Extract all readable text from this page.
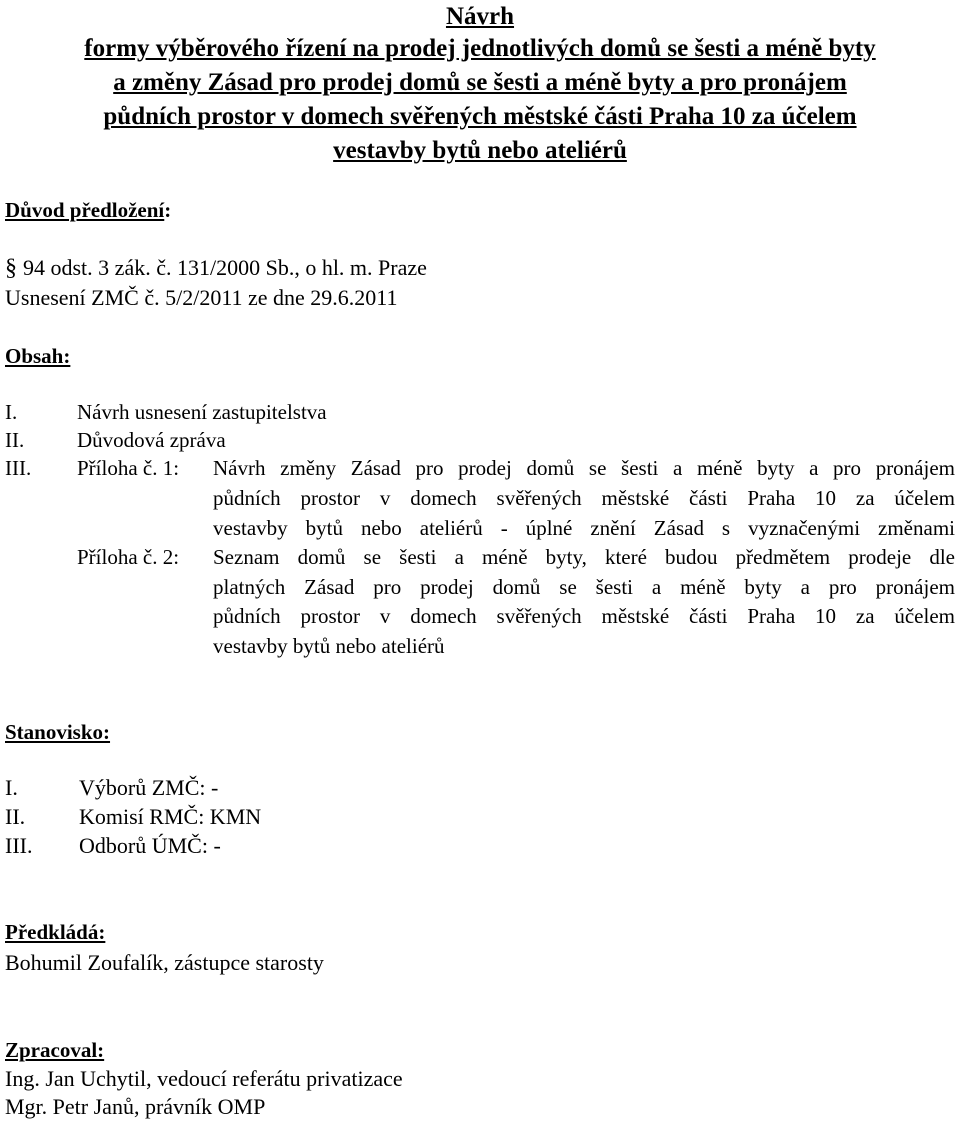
Návrh
formy výběrového řízení na prodej jednotlivých domů se šesti a méně byty
a změny Zásad pro prodej domů se šesti a méně byty a pro pronájem
půdních prostor v domech svěřených městské části Praha 10 za účelem
vestavby bytů nebo ateliérů
Důvod předložení:
§ 94 odst. 3 zák. č. 131/2000 Sb., o hl. m. Praze
Usnesení ZMČ č. 5/2/2011 ze dne 29.6.2011
Obsah:
I.	Návrh usnesení zastupitelstva
II.	Důvodová zpráva
III.	Příloha č. 1: Návrh změny Zásad pro prodej domů se šesti a méně byty a pro pronájem
půdních prostor v domech svěřených městské části Praha 10 za účelem
vestavby bytů nebo ateliérů - úplné znění Zásad s vyznačenými změnami
Příloha č. 2: Seznam domů se šesti a méně byty, které budou předmětem prodeje dle
platných Zásad pro prodej domů se šesti a méně byty a pro pronájem
půdních prostor v domech svěřených městské části Praha 10 za účelem
vestavby bytů nebo ateliérů
Stanovisko:
I.	Výborů ZMČ: -
II. Komisí RMČ: KMN
III. Odborů ÚMČ: -
Předkládá:
Bohumil Zoufalík, zástupce starosty
Zpracoval:
Ing. Jan Uchytil, vedoucí referátu privatizace
Mgr. Petr Janů, právník OMP
